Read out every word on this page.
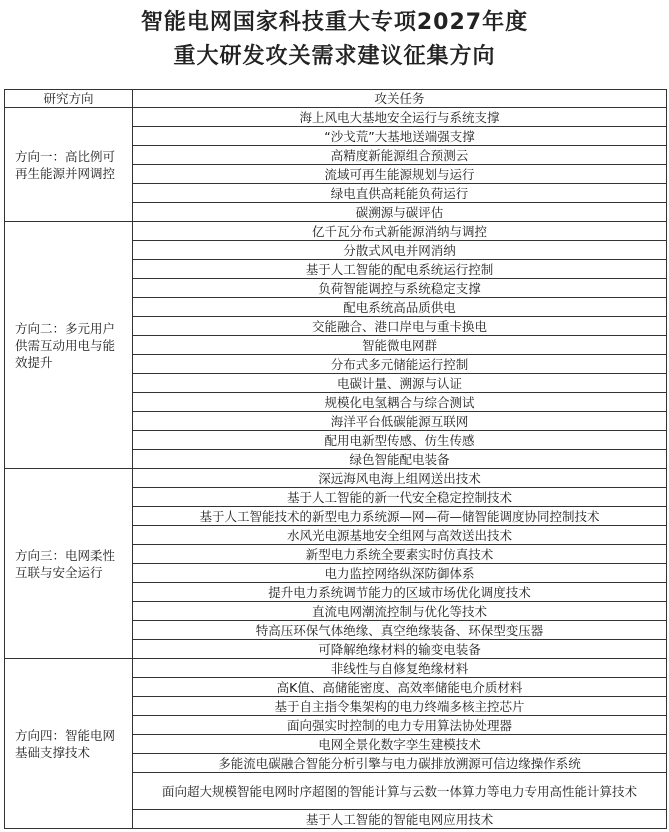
智能电网国家科技重大专项2027年度
重大研发攻关需求建议征集方向
研究方向	攻关任务
方向一：高比例可再生能源并网调控	海上风电大基地安全运行与系统支撑
	“沙戈荒”大基地送端强支撑
	高精度新能源组合预测云
	流域可再生能源规划与运行
	绿电直供高耗能负荷运行
	碳溯源与碳评估
方向二：多元用户供需互动用电与能效提升	亿千瓦分布式新能源消纳与调控
	分散式风电并网消纳
	基于人工智能的配电系统运行控制
	负荷智能调控与系统稳定支撑
	配电系统高品质供电
	交能融合、港口岸电与重卡换电
	智能微电网群
	分布式多元储能运行控制
	电碳计量、溯源与认证
	规模化电氢耦合与综合测试
	海洋平台低碳能源互联网
	配用电新型传感、仿生传感
	绿色智能配电装备
方向三：电网柔性互联与安全运行	深远海风电海上组网送出技术
	基于人工智能的新一代安全稳定控制技术
	基于人工智能技术的新型电力系统源—网—荷—储智能调度协同控制技术
	水风光电源基地安全组网与高效送出技术
	新型电力系统全要素实时仿真技术
	电力监控网络纵深防御体系
	提升电力系统调节能力的区域市场优化调度技术
	直流电网潮流控制与优化等技术
	特高压环保气体绝缘、真空绝缘装备、环保型变压器
	可降解绝缘材料的输变电装备
方向四：智能电网基础支撑技术	非线性与自修复绝缘材料
	高K值、高储能密度、高效率储能电介质材料
	基于自主指令集架构的电力终端多核主控芯片
	面向强实时控制的电力专用算法协处理器
	电网全景化数字孪生建模技术
	多能流电碳融合智能分析引擎与电力碳排放溯源可信边缘操作系统
	面向超大规模智能电网时序超图的智能计算与云数一体算力等电力专用高性能计算技术
	基于人工智能的智能电网应用技术
